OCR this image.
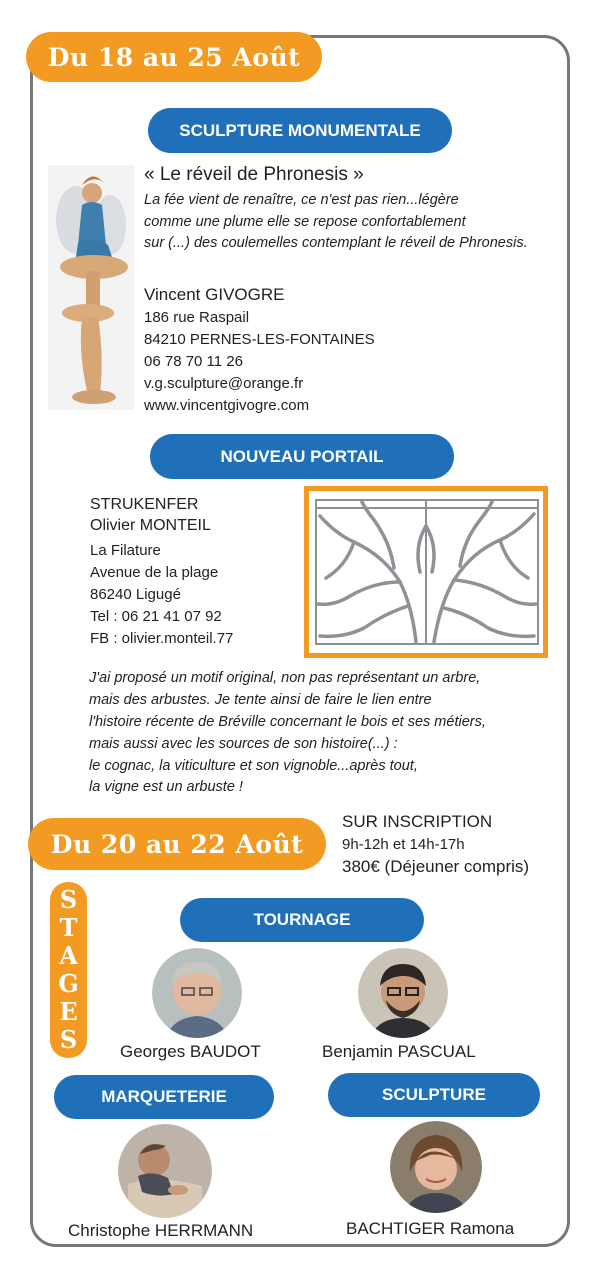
Du 18 au 25 Août
SCULPTURE MONUMENTALE
« Le réveil de Phronesis »
La fée vient de renaître, ce n'est pas rien...légère
comme une plume elle se repose confortablement
sur (...) des coulemelles contemplant le réveil de Phronesis.
Vincent GIVOGRE
186 rue Raspail
84210 PERNES-LES-FONTAINES
06 78 70 11 26
v.g.sculpture@orange.fr
www.vincentgivogre.com
NOUVEAU PORTAIL
STRUKENFER
Olivier MONTEIL
La Filature
Avenue de la plage
86240 Ligugé
Tel : 06 21 41 07 92
FB : olivier.monteil.77
J'ai proposé un motif original, non pas représentant un arbre,
mais des arbustes. Je tente ainsi de faire le lien entre
l'histoire récente de Bréville concernant le bois et ses métiers,
mais aussi avec les sources de son histoire(...) :
le cognac, la viticulture et son vignoble...après tout,
la vigne est un arbuste !
Du 20 au 22 Août
SUR INSCRIPTION
9h-12h et 14h-17h
380€ (Déjeuner compris)
S
T
A
G
E
S
TOURNAGE
Georges BAUDOT	Benjamin PASCUAL
MARQUETERIE	SCULPTURE
Christophe HERRMANN	BACHTIGER Ramona
